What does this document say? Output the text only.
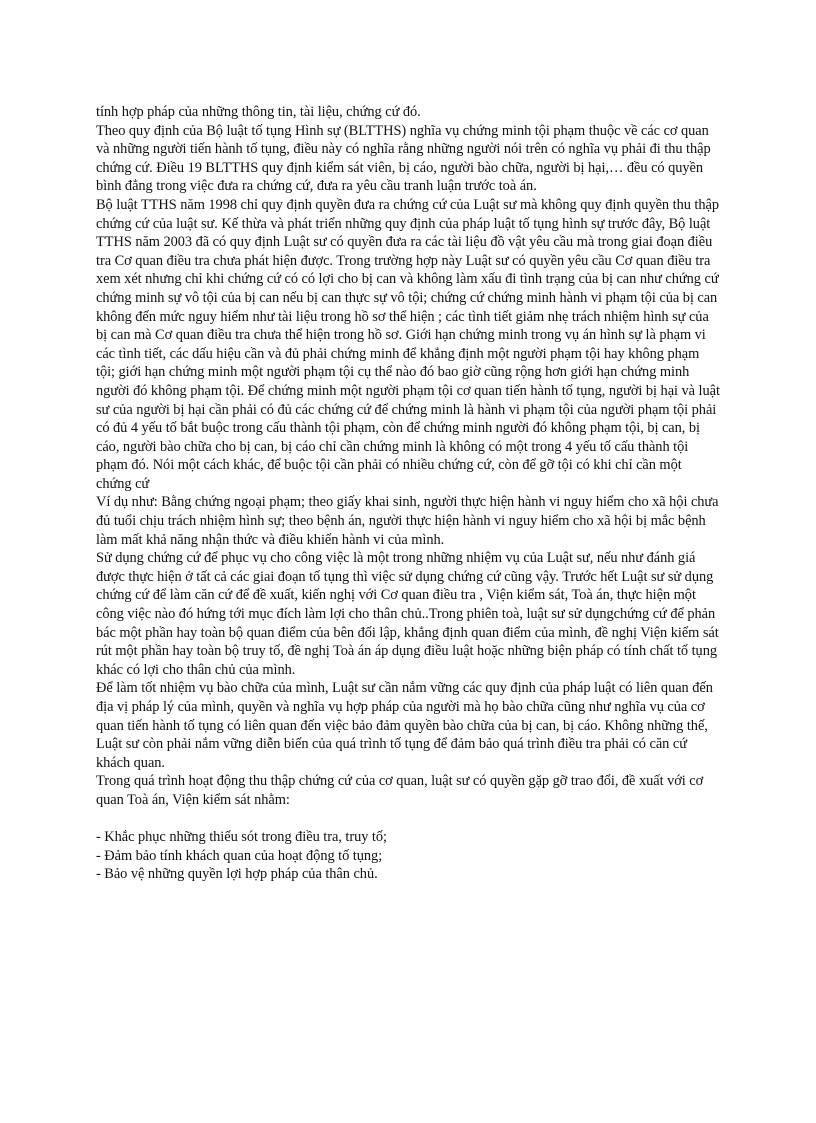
tính hợp pháp của những thông tin, tài liệu, chứng cứ đó.

Theo quy định của Bộ luật tố tụng Hình sự (BLTTHS) nghĩa vụ chứng minh tội phạm thuộc về các cơ quan và những người tiến hành tố tụng, điều này có nghĩa rằng những người nói trên có nghĩa vụ phải đi thu thập chứng cứ. Điều 19 BLTTHS quy định kiểm sát viên, bị cáo, người bào chữa, người bị hại,… đều có quyền bình đẳng trong việc đưa ra chứng cứ, đưa ra yêu cầu tranh luận trước toà án.

Bộ luật TTHS năm 1998 chỉ quy định quyền đưa ra chứng cứ của Luật sư mà không quy định quyền thu thập chứng cứ của luật sư. Kế thừa và phát triển những quy định của pháp luật tố tụng hình sự trước đây, Bộ luật TTHS năm 2003 đã có quy định Luật sư có quyền đưa ra các tài liệu đồ vật yêu cầu mà trong giai đoạn điều tra Cơ quan điều tra chưa phát hiện được. Trong trường hợp này Luật sư có quyền yêu cầu Cơ quan điều tra xem xét nhưng chỉ khi chứng cứ có có lợi cho bị can và không làm xấu đi tình trạng của bị can như chứng cứ chứng minh sự vô tội của bị can nếu bị can thực sự vô tội; chứng cứ chứng minh hành vi phạm tội của bị can không đến mức nguy hiểm như tài liệu trong hồ sơ thể hiện ; các tình tiết giảm nhẹ trách nhiệm hình sự của bị can mà Cơ quan điều tra chưa thể hiện trong hồ sơ. Giới hạn chứng minh trong vụ án hình sự là phạm vi các tình tiết, các dấu hiệu cần và đủ phải chứng minh để khẳng định một người phạm tội hay không phạm tội; giới hạn chứng minh một người phạm tội cụ thể nào đó bao giờ cũng rộng hơn giới hạn chứng minh người đó không phạm tội. Để chứng minh một người phạm tội cơ quan tiến hành tố tụng, người bị hại và luật sư của người bị hại cần phải có đủ các chứng cứ để chứng minh là hành vi phạm tội của người phạm tội phải có đủ 4 yếu tố bắt buộc trong cấu thành tội phạm, còn để chứng minh người đó không phạm tội, bị can, bị cáo, người bào chữa cho bị can, bị cáo chỉ cần chứng minh là không có một trong 4 yếu tố cấu thành tội phạm đó. Nói một cách khác, để buộc tội cần phải có nhiều chứng cứ, còn để gỡ tội có khi chỉ cần một chứng cứ

Ví dụ như: Bằng chứng ngoại phạm; theo giấy khai sinh, người thực hiện hành vi nguy hiểm cho xã hội chưa đủ tuổi chịu trách nhiệm hình sự; theo bệnh án, người thực hiện hành vi nguy hiểm cho xã hội bị mắc bệnh làm mất khả năng nhận thức và điều khiển hành vi của mình.

Sử dụng chứng cứ để phục vụ cho công việc là một trong những nhiệm vụ của Luật sư, nếu như đánh giá được thực hiện ở tất cả các giai đoạn tố tụng thì việc sử dụng chứng cứ cũng vậy. Trước hết Luật sư sử dụng chứng cứ để làm căn cứ để đề xuất, kiến nghị với Cơ quan điều tra , Viện kiểm sát, Toà án, thực hiện một công việc nào đó hứng tới mục đích làm lợi cho thân chủ..Trong phiên toà, luật sư sử dụngchứng cứ để phản bác một phần hay toàn bộ quan điểm của bên đối lập, khẳng định quan điểm của mình, đề nghị Viện kiểm sát rút một phần hay toàn bộ truy tố, đề nghị Toà án áp dụng điều luật hoặc những biện pháp có tính chất tố tụng khác có lợi cho thân chủ của mình.

Để làm tốt nhiệm vụ bào chữa của mình, Luật sư cần nắm vững các quy định của pháp luật có liên quan đến địa vị pháp lý của mình, quyền và nghĩa vụ hợp pháp của người mà họ bào chữa cũng như nghĩa vụ của cơ quan tiến hành tố tụng có liên quan đến việc bảo đảm quyền bào chữa của bị can, bị cáo. Không những thế, Luật sư còn phải nắm vững diễn biến của quá trình tố tụng để đảm bảo quá trình điều tra phải có căn cứ khách quan.

Trong quá trình hoạt động thu thập chứng cứ của cơ quan, luật sư có quyền gặp gỡ trao đổi, đề xuất với cơ quan Toà án, Viện kiểm sát nhằm:

- Khắc phục những thiếu sót trong điều tra, truy tố;
- Đảm bảo tính khách quan của hoạt động tố tụng;
- Bảo vệ những quyền lợi hợp pháp của thân chủ.
